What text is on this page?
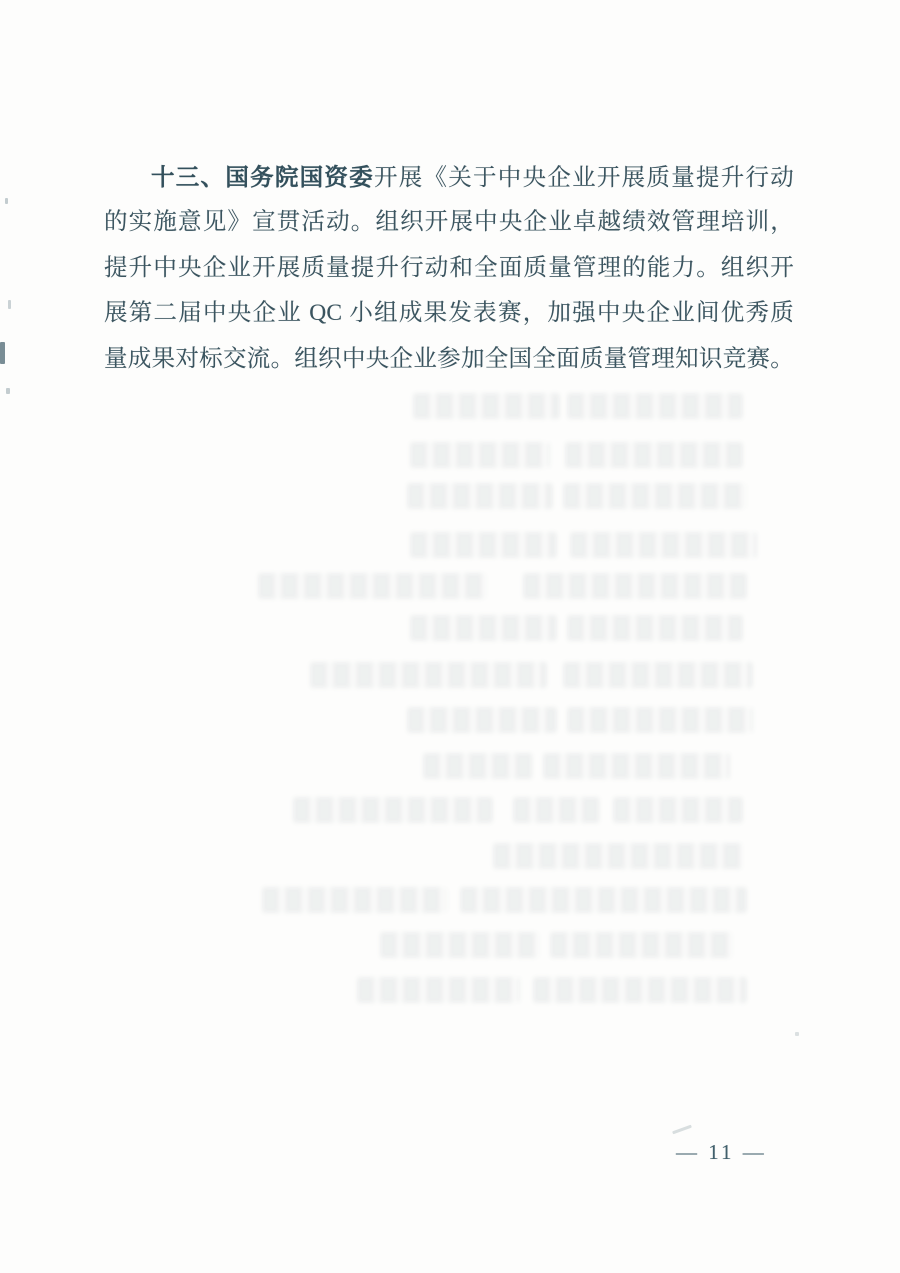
十三、国务院国资委开展《关于中央企业开展质量提升行动
的实施意见》宣贯活动。组织开展中央企业卓越绩效管理培训，
提升中央企业开展质量提升行动和全面质量管理的能力。组织开
展第二届中央企业 QC 小组成果发表赛，加强中央企业间优秀质
量成果对标交流。组织中央企业参加全国全面质量管理知识竞赛。
— 11 —
